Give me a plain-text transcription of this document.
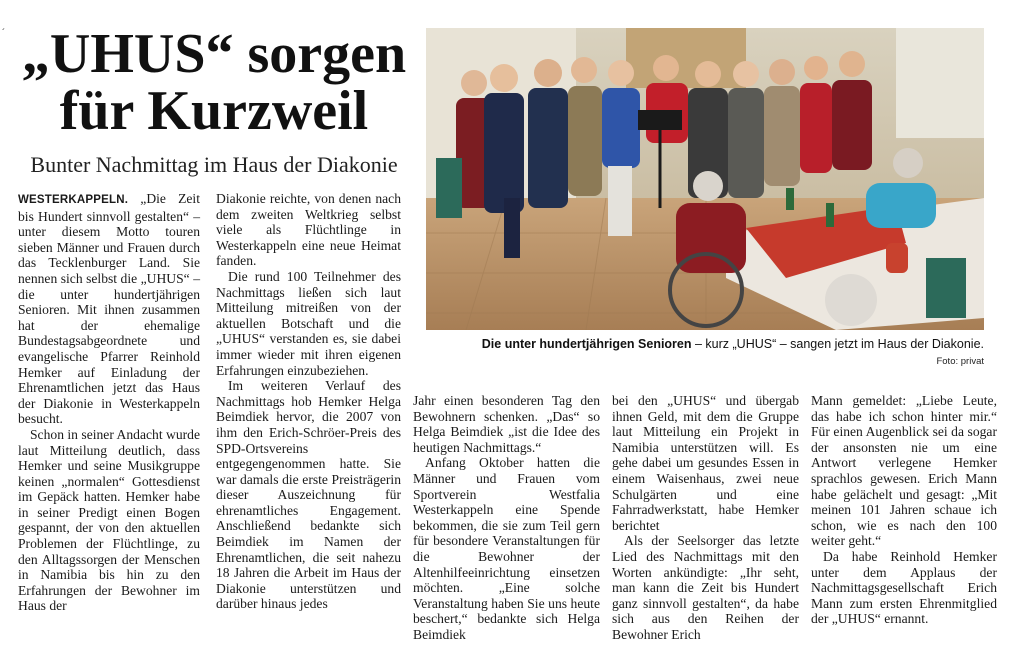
´ „UHUS“ sorgen
für Kurzweil
Bunter Nachmittag im Haus der Diakonie

WESTERKAPPELN. „Die Zeit bis Hundert sinnvoll gestalten“ – unter diesem Motto touren sieben Männer und Frauen durch das Tecklenburger Land. Sie nennen sich selbst die „UHUS“ – die unter hundertjährigen Senioren. Mit ihnen zusammen hat der ehemalige Bundestagsabgeordnete und evangelische Pfarrer Reinhold Hemker auf Einladung der Ehrenamtlichen jetzt das Haus der Diakonie in Westerkappeln besucht.

Schon in seiner Andacht wurde laut Mitteilung deutlich, dass Hemker und seine Musikgruppe keinen „normalen“ Gottesdienst im Gepäck hatten. Hemker habe in seiner Predigt einen Bogen gespannt, der von den aktuellen Problemen der Flüchtlinge, zu den Alltagssorgen der Menschen in Namibia bis hin zu den Erfahrungen der Bewohner im Haus der

Diakonie reichte, von denen nach dem zweiten Weltkrieg selbst viele als Flüchtlinge in Westerkappeln eine neue Heimat fanden.

Die rund 100 Teilnehmer des Nachmittags ließen sich laut Mitteilung mitreißen von der aktuellen Botschaft und die „UHUS“ verstanden es, sie dabei immer wieder mit ihren eigenen Erfahrungen einzubeziehen.

Im weiteren Verlauf des Nachmittags hob Hemker Helga Beimdiek hervor, die 2007 von ihm den Erich-Schröer-Preis des SPD-Ortsvereins entgegengenommen hatte. Sie war damals die erste Preisträgerin dieser Auszeichnung für ehrenamtliches Engagement. Anschließend bedankte sich Beimdiek im Namen der Ehrenamtlichen, die seit nahezu 18 Jahren die Arbeit im Haus der Diakonie unterstützen und darüber hinaus jedes

Die unter hundertjährigen Senioren – kurz „UHUS“ – sangen jetzt im Haus der Diakonie.
Foto: privat

Jahr einen besonderen Tag den Bewohnern schenken. „Das“ so Helga Beimdiek „ist die Idee des heutigen Nachmittags.“

Anfang Oktober hatten die Männer und Frauen vom Sportverein Westfalia Westerkappeln eine Spende bekommen, die sie zum Teil gern für besondere Veranstaltungen für die Bewohner der Altenhilfeeinrichtung einsetzen möchten. „Eine solche Veranstaltung haben Sie uns heute beschert,“ bedankte sich Helga Beimdiek

bei den „UHUS“ und übergab ihnen Geld, mit dem die Gruppe laut Mitteilung ein Projekt in Namibia unterstützen will. Es gehe dabei um gesundes Essen in einem Waisenhaus, zwei neue Schulgärten und eine Fahrradwerkstatt, habe Hemker berichtet

Als der Seelsorger das letzte Lied des Nachmittags mit den Worten ankündigte: „Ihr seht, man kann die Zeit bis Hundert ganz sinnvoll gestalten“, da habe sich aus den Reihen der Bewohner Erich

Mann gemeldet: „Liebe Leute, das habe ich schon hinter mir.“ Für einen Augenblick sei da sogar der ansonsten nie um eine Antwort verlegene Hemker sprachlos gewesen. Erich Mann habe gelächelt und gesagt: „Mit meinen 101 Jahren schaue ich schon, wie es nach den 100 weiter geht.“

Da habe Reinhold Hemker unter dem Applaus der Nachmittagsgesellschaft Erich Mann zum ersten Ehrenmitglied der „UHUS“ ernannt.
